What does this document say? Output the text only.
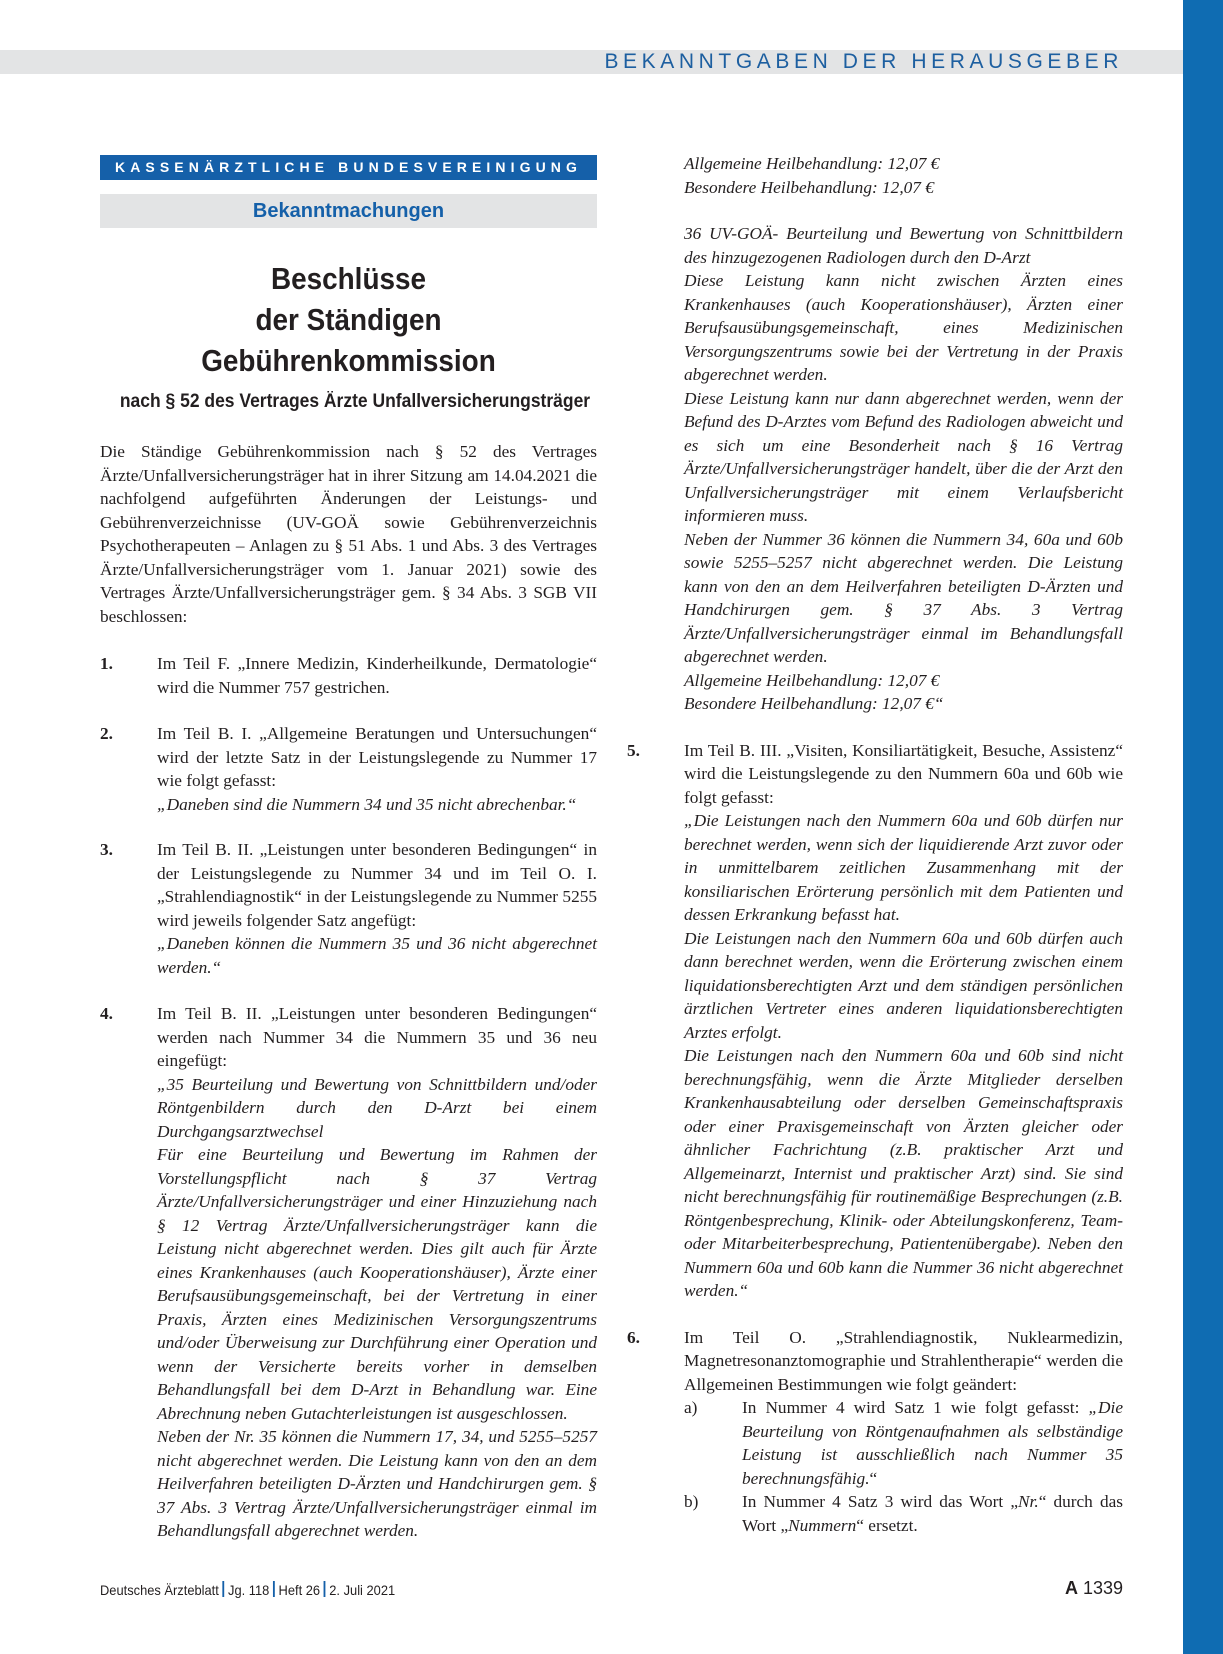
BEKANNTGABEN DER HERAUSGEBER
KASSENÄRZTLICHE BUNDESVEREINIGUNG
Bekanntmachungen
Beschlüsse
der Ständigen Gebührenkommission
nach § 52 des Vertrages Ärzte Unfallversicherungsträger
Die Ständige Gebührenkommission nach § 52 des Vertrages Ärzte/Unfallversicherungsträger hat in ihrer Sitzung am 14.04.2021 die nachfolgend aufgeführten Änderungen der Leistungs- und Gebührenverzeichnisse (UV-GOÄ sowie Gebührenverzeichnis Psychotherapeuten – Anlagen zu § 51 Abs. 1 und Abs. 3 des Vertrages Ärzte/Unfallversicherungsträger vom 1. Januar 2021) sowie des Vertrages Ärzte/Unfallversicherungsträger gem. § 34 Abs. 3 SGB VII beschlossen:
1.	Im Teil F. „Innere Medizin, Kinderheilkunde, Dermatologie“ wird die Nummer 757 gestrichen.

2.	Im Teil B. I. „Allgemeine Beratungen und Untersuchungen“ wird der letzte Satz in der Leistungslegende zu Nummer 17 wie folgt gefasst:

„Daneben sind die Nummern 34 und 35 nicht abrechenbar.“

3.	Im Teil B. II. „Leistungen unter besonderen Bedingungen“ in der Leistungslegende zu Nummer 34 und im Teil O. I. „Strahlendiagnostik“ in der Leistungslegende zu Nummer 5255 wird jeweils folgender Satz angefügt:

„Daneben können die Nummern 35 und 36 nicht abgerechnet werden.“

4.	Im Teil B. II. „Leistungen unter besonderen Bedingungen“ werden nach Nummer 34 die Nummern 35 und 36 neu eingefügt:

„35 Beurteilung und Bewertung von Schnittbildern und/oder Röntgenbildern durch den D-Arzt bei einem Durchgangsarztwechsel

Für eine Beurteilung und Bewertung im Rahmen der Vorstellungspflicht nach § 37 Vertrag Ärzte/Unfallversicherungsträger und einer Hinzuziehung nach § 12 Vertrag Ärzte/Unfallversicherungsträger kann die Leistung nicht abgerechnet werden. Dies gilt auch für Ärzte eines Krankenhauses (auch Kooperationshäuser), Ärzte einer Berufsausübungsgemeinschaft, bei der Vertretung in einer Praxis, Ärzten eines Medizinischen Versorgungszentrums und/oder Überweisung zur Durchführung einer Operation und wenn der Versicherte bereits vorher in demselben Behandlungsfall bei dem D-Arzt in Behandlung war. Eine Abrechnung neben Gutachterleistungen ist ausgeschlossen.

Neben der Nr. 35 können die Nummern 17, 34, und 5255–5257 nicht abgerechnet werden. Die Leistung kann von den an dem Heilverfahren beteiligten D-Ärzten und Handchirurgen gem. § 37 Abs. 3 Vertrag Ärzte/Unfallversicherungsträger einmal im Behandlungsfall abgerechnet werden.

Allgemeine Heilbehandlung: 12,07 €

Besondere Heilbehandlung: 12,07 €

36 UV-GOÄ- Beurteilung und Bewertung von Schnittbildern des hinzugezogenen Radiologen durch den D-Arzt

Diese Leistung kann nicht zwischen Ärzten eines Krankenhauses (auch Kooperationshäuser), Ärzten einer Berufsausübungsgemeinschaft, eines Medizinischen Versorgungszentrums sowie bei der Vertretung in der Praxis abgerechnet werden.

Diese Leistung kann nur dann abgerechnet werden, wenn der Befund des D-Arztes vom Befund des Radiologen abweicht und es sich um eine Besonderheit nach § 16 Vertrag Ärzte/Unfallversicherungsträger handelt, über die der Arzt den Unfallversicherungsträger mit einem Verlaufsbericht informieren muss.

Neben der Nummer 36 können die Nummern 34, 60a und 60b sowie 5255–5257 nicht abgerechnet werden. Die Leistung kann von den an dem Heilverfahren beteiligten D-Ärzten und Handchirurgen gem. § 37 Abs. 3 Vertrag Ärzte/Unfallversicherungsträger einmal im Behandlungsfall abgerechnet werden.

Allgemeine Heilbehandlung: 12,07 €

Besondere Heilbehandlung: 12,07 €“

5.	Im Teil B. III. „Visiten, Konsiliartätigkeit, Besuche, Assistenz“ wird die Leistungslegende zu den Nummern 60a und 60b wie folgt gefasst:

„Die Leistungen nach den Nummern 60a und 60b dürfen nur berechnet werden, wenn sich der liquidierende Arzt zuvor oder in unmittelbarem zeitlichen Zusammenhang mit der konsiliarischen Erörterung persönlich mit dem Patienten und dessen Erkrankung befasst hat.

Die Leistungen nach den Nummern 60a und 60b dürfen auch dann berechnet werden, wenn die Erörterung zwischen einem liquidationsberechtigten Arzt und dem ständigen persönlichen ärztlichen Vertreter eines anderen liquidationsberechtigten Arztes erfolgt.

Die Leistungen nach den Nummern 60a und 60b sind nicht berechnungsfähig, wenn die Ärzte Mitglieder derselben Krankenhausabteilung oder derselben Gemeinschaftspraxis oder einer Praxisgemeinschaft von Ärzten gleicher oder ähnlicher Fachrichtung (z.B. praktischer Arzt und Allgemeinarzt, Internist und praktischer Arzt) sind. Sie sind nicht berechnungsfähig für routinemäßige Besprechungen (z.B. Röntgenbesprechung, Klinik- oder Abteilungskonferenz, Team- oder Mitarbeiterbesprechung, Patientenübergabe). Neben den Nummern 60a und 60b kann die Nummer 36 nicht abgerechnet werden.“

6.	Im Teil O. „Strahlendiagnostik, Nuklearmedizin, Magnetresonanztomographie und Strahlentherapie“ werden die Allgemeinen Bestimmungen wie folgt geändert:

a)	In Nummer 4 wird Satz 1 wie folgt gefasst: „Die Beurteilung von Röntgenaufnahmen als selbständige Leistung ist ausschließlich nach Nummer 35 berechnungsfähig.“
b)	In Nummer 4 Satz 3 wird das Wort „Nr.“ durch das Wort „Nummern“ ersetzt.
Deutsches Ärzteblatt Jg. 118 Heft 26 2. Juli 2021	A 1339
